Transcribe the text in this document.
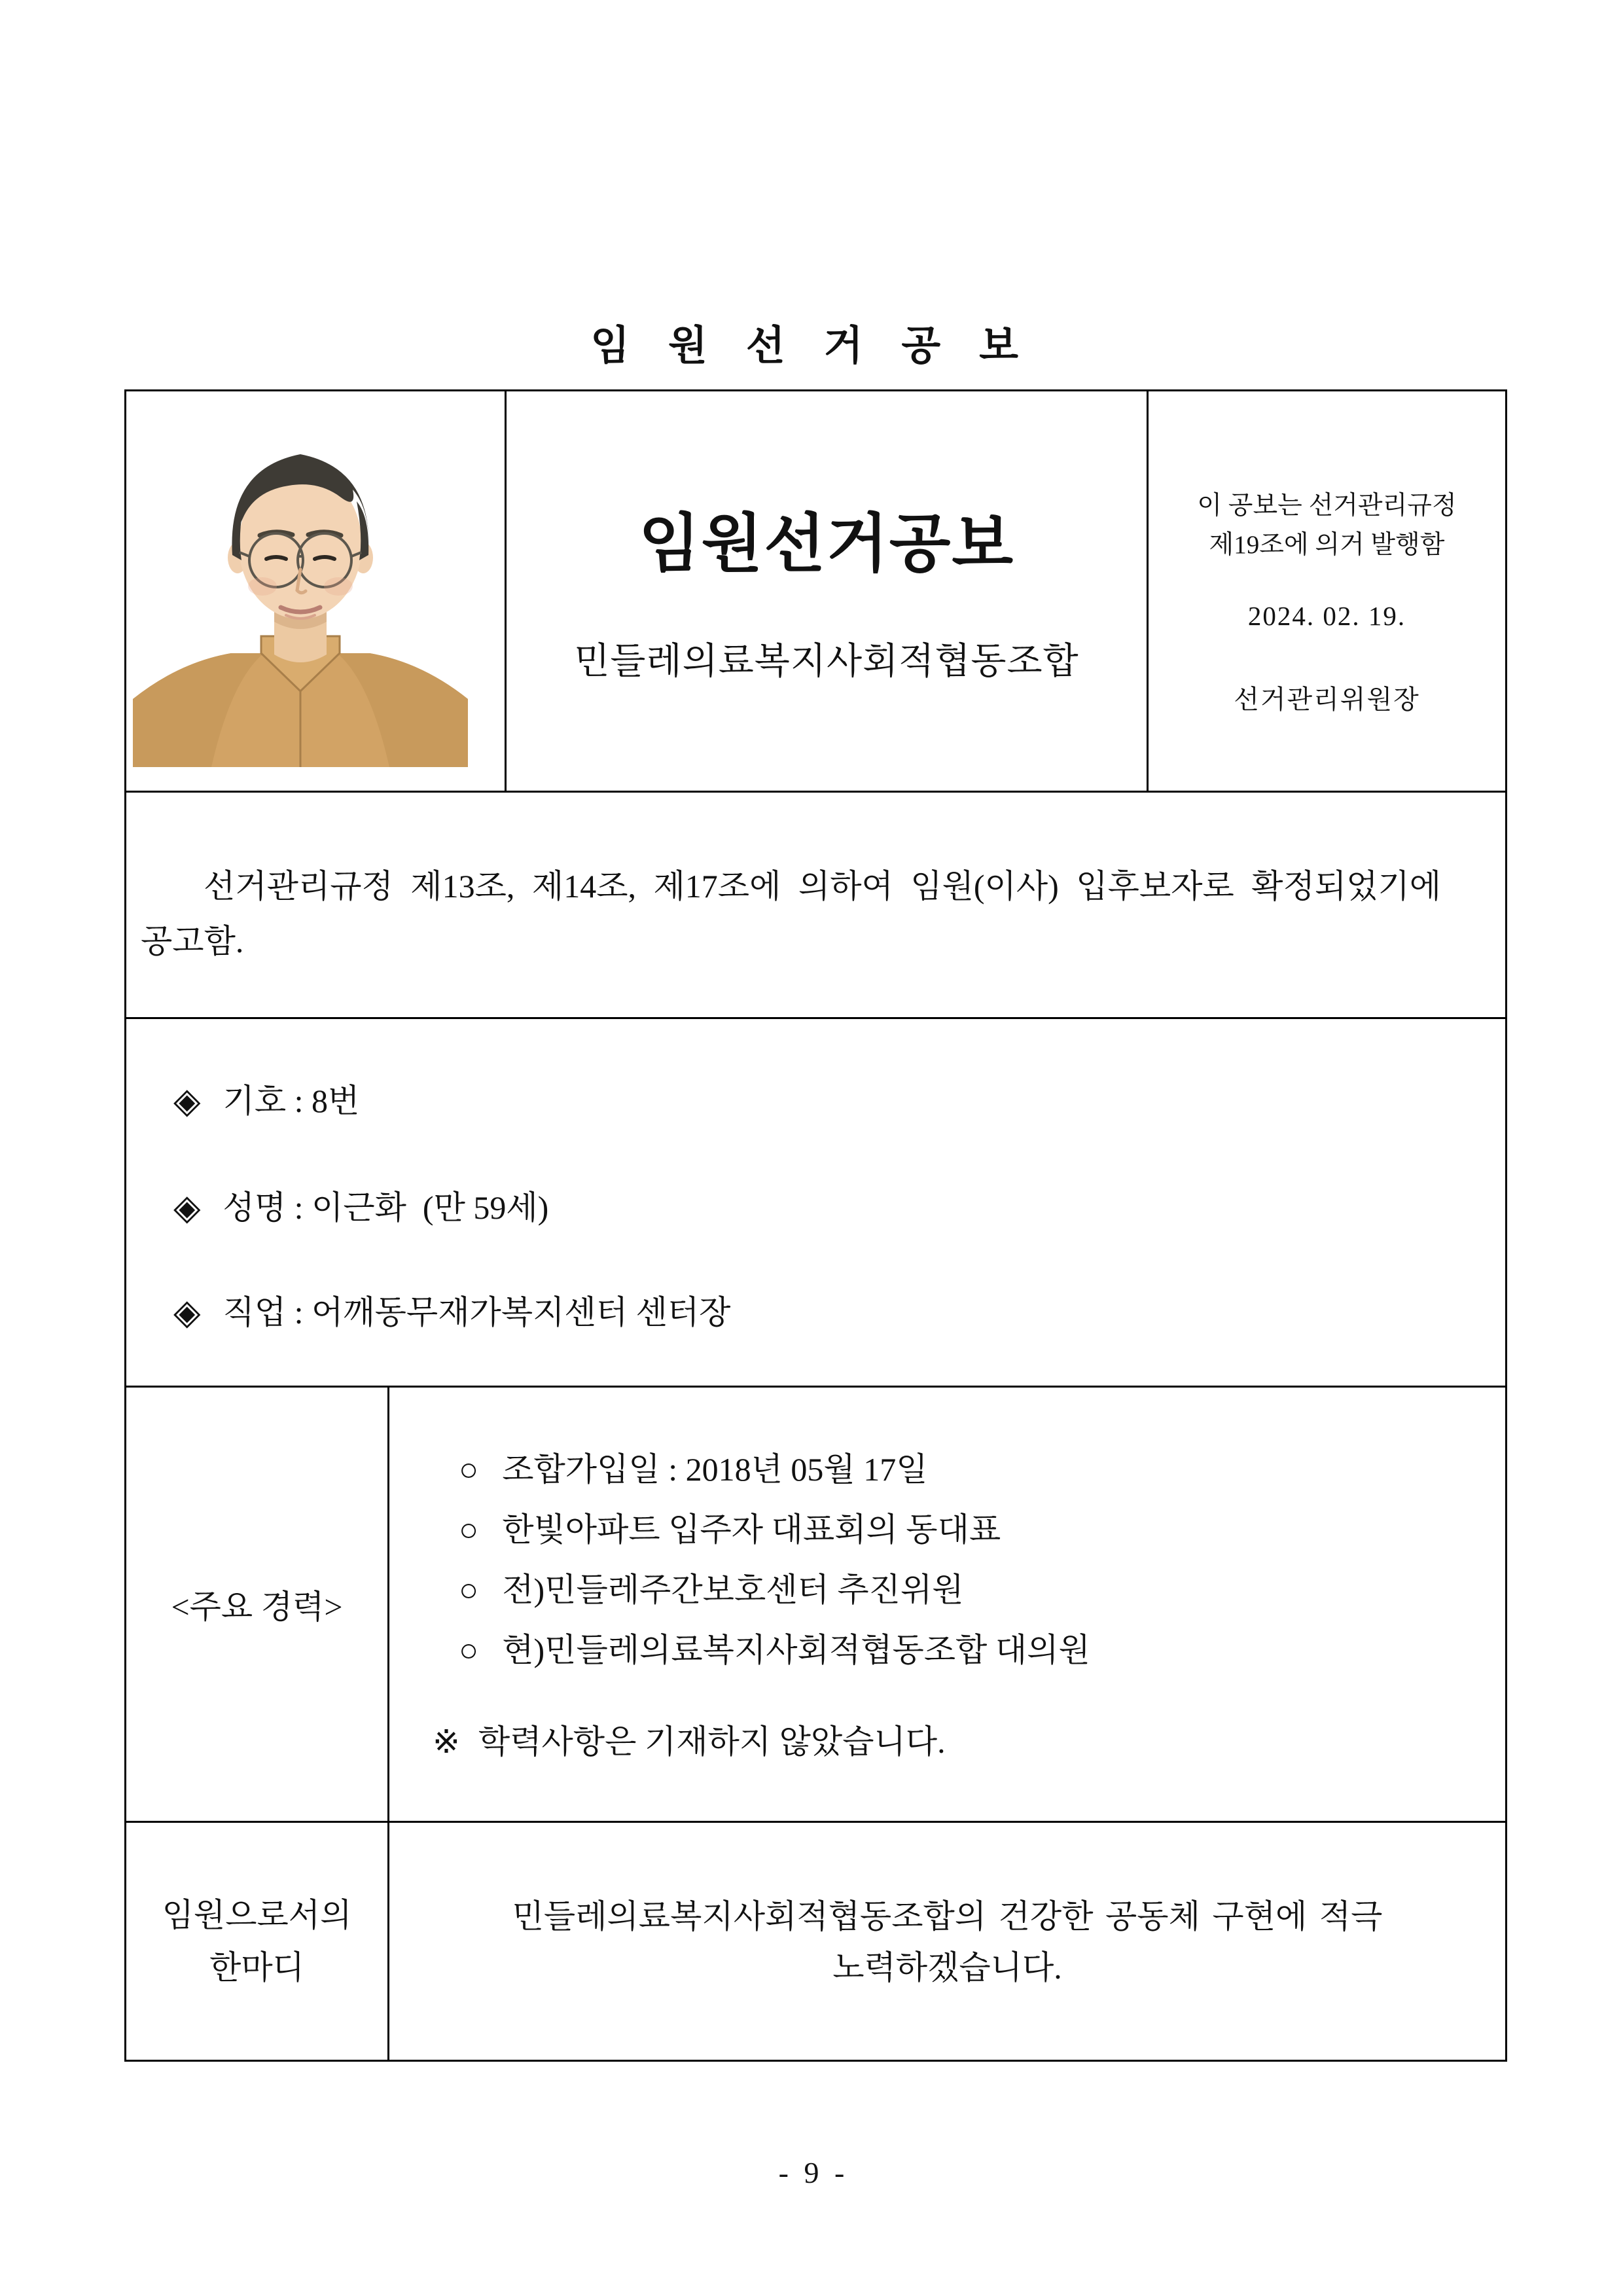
임 원 선 거 공 보
임원선거공보
민들레의료복지사회적협동조합
이 공보는 선거관리규정
제19조에 의거 발행함
2024. 02. 19.
선거관리위원장
선거관리규정 제13조, 제14조, 제17조에 의하여 임원(이사) 입후보자로 확정되었기에
공고함.
◈ 기호 : 8번
◈ 성명 : 이근화  (만 59세)
◈ 직업 : 어깨동무재가복지센터 센터장
<주요 경력>
○ 조합가입일 : 2018년 05월 17일
○ 한빛아파트 입주자 대표회의 동대표
○ 전)민들레주간보호센터 추진위원
○ 현)민들레의료복지사회적협동조합 대의원
※ 학력사항은 기재하지 않았습니다.
임원으로서의
한마디
민들레의료복지사회적협동조합의 건강한 공동체 구현에 적극
노력하겠습니다.
- 9 -
